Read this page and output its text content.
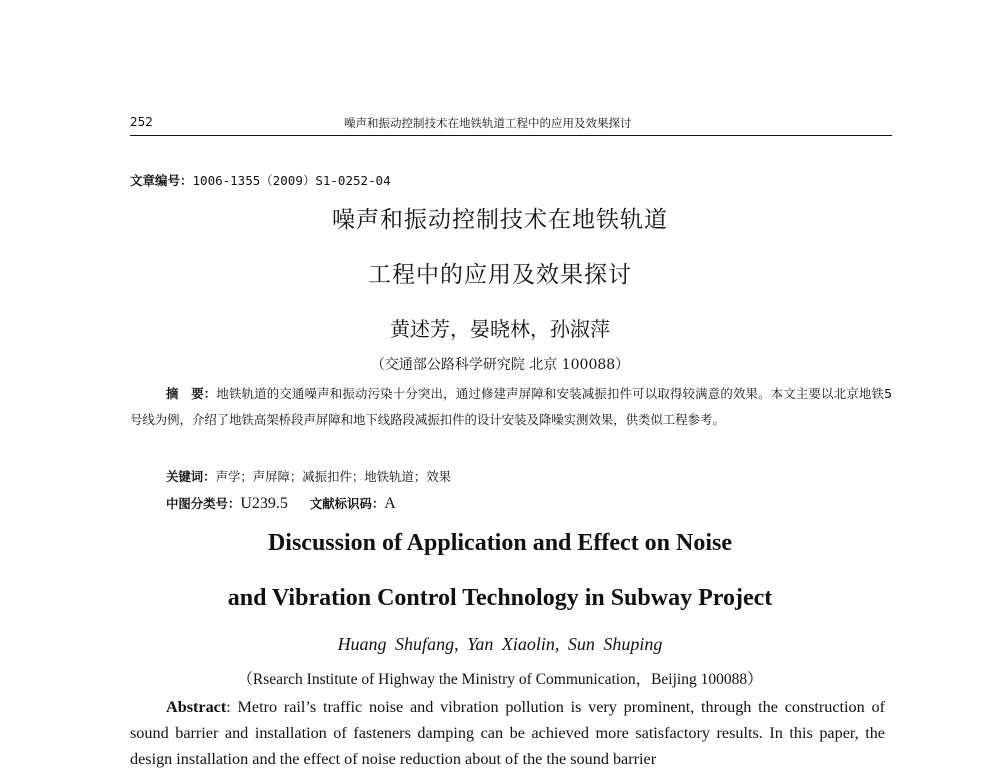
252	噪声和振动控制技术在地铁轨道工程中的应用及效果探讨
文章编号：1006-1355（2009）S1-0252-04
噪声和振动控制技术在地铁轨道
工程中的应用及效果探讨
黄述芳，晏晓林，孙淑萍
（交通部公路科学研究院 北京 100088）
摘　要：地铁轨道的交通噪声和振动污染十分突出，通过修建声屏障和安装减振扣件可以取得较满意的效果。本文主要以北京地铁5号线为例，介绍了地铁高架桥段声屏障和地下线路段减振扣件的设计安装及降噪实测效果，供类似工程参考。
关键词：声学；声屏障；减振扣件；地铁轨道；效果
中图分类号：U239.5 文献标识码：A
Discussion of Application and Effect on Noise
and Vibration Control Technology in Subway Project
Huang Shufang, Yan Xiaolin, Sun Shuping
（Rsearch Institute of Highway the Ministry of Communication，Beijing 100088）
Abstract: Metro rail’s traffic noise and vibration pollution is very prominent, through the construction of sound barrier and installation of fasteners damping can be achieved more satisfactory results. In this paper, the design installation and the effect of noise reduction about of the the sound barrier
